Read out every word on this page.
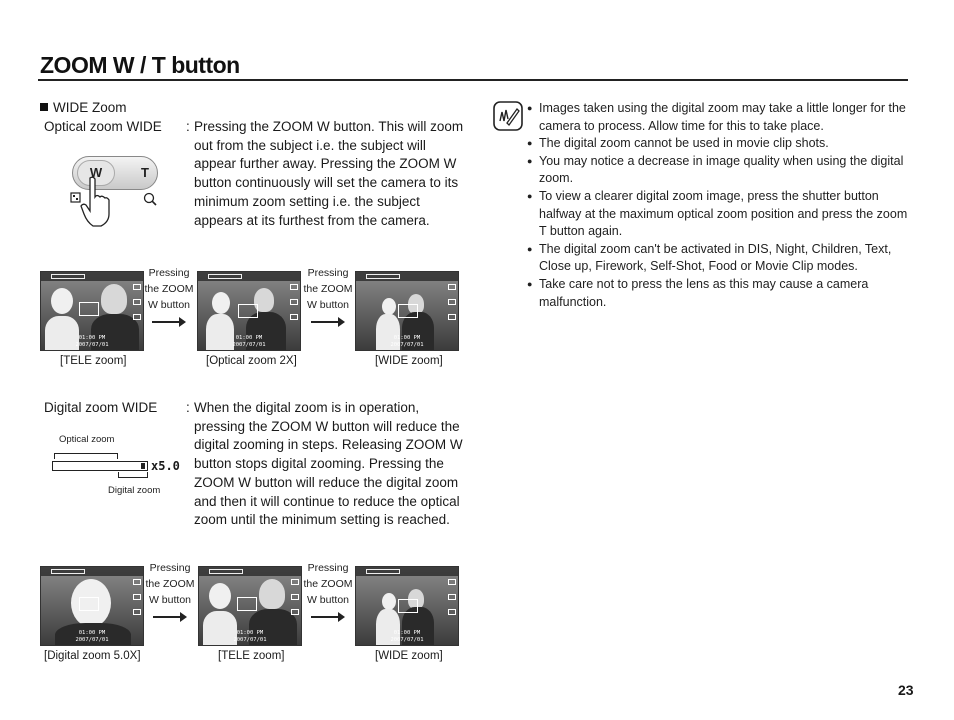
ZOOM W / T button
WIDE Zoom
Optical zoom WIDE : Pressing the ZOOM W button. This will zoom out from the subject i.e. the subject will appear further away. Pressing the ZOOM W button continuously will set the camera to its minimum zoom setting i.e. the subject appears at its furthest from the camera.
W	T
01:00 PM
2007/07/01
Pressing
the ZOOM
W button
01:00 PM
2007/07/01
Pressing
the ZOOM
W button
01:00 PM
2007/07/01
[TELE zoom]	[Optical zoom 2X]	[WIDE zoom]
Digital zoom WIDE : When the digital zoom is in operation, pressing the ZOOM W button will reduce the digital zooming in steps. Releasing ZOOM W button stops digital zooming. Pressing the ZOOM W button will reduce the digital zoom and then it will continue to reduce the optical zoom until the minimum setting is reached.
Optical zoom
x5.0
Digital zoom
01:00 PM
2007/07/01
Pressing
the ZOOM
W button
01:00 PM
2007/07/01
Pressing
the ZOOM
W button
01:00 PM
2007/07/01
[Digital zoom 5.0X]	[TELE zoom]	[WIDE zoom]
● Images taken using the digital zoom may take a little longer for the camera to process. Allow time for this to take place.
● The digital zoom cannot be used in movie clip shots.
● You may notice a decrease in image quality when using the digital zoom.
● To view a clearer digital zoom image, press the shutter button halfway at the maximum optical zoom position and press the zoom T button again.
● The digital zoom can't be activated in DIS, Night, Children, Text, Close up, Firework, Self-Shot, Food or Movie Clip modes.
● Take care not to press the lens as this may cause a camera malfunction.
23
